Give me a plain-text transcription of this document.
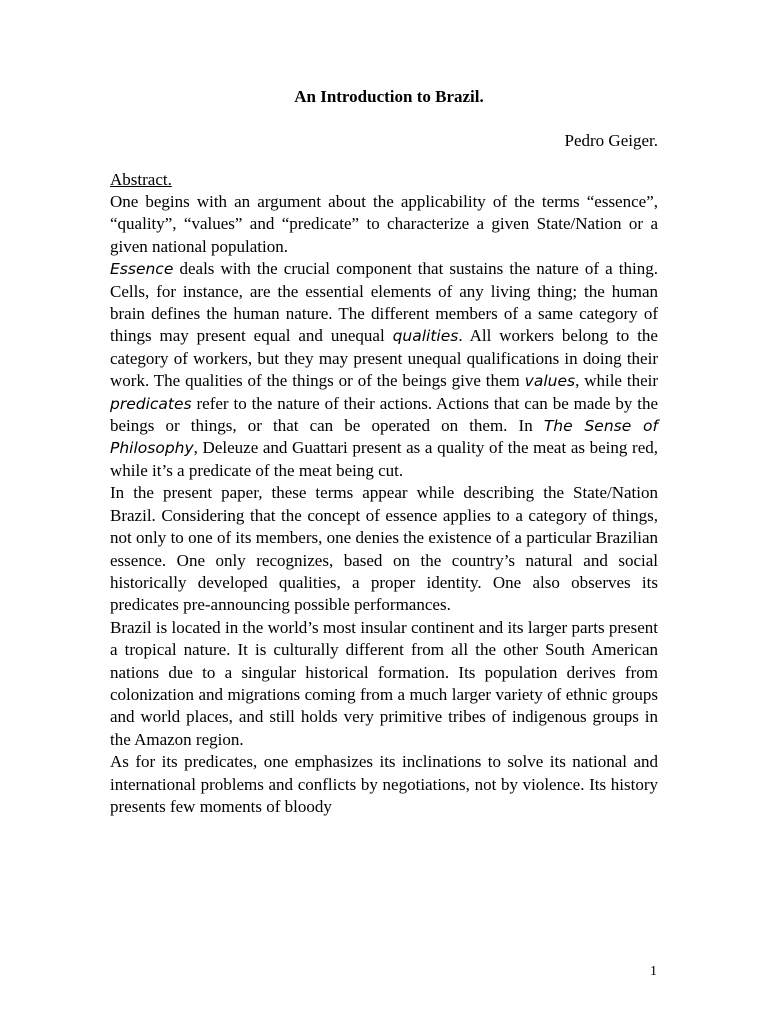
An Introduction to Brazil.

Pedro Geiger.

Abstract.

One begins with an argument about the applicability of the terms “essence”, “quality”, “values” and “predicate” to characterize a given State/Nation or a given national population.

Essence deals with the crucial component that sustains the nature of a thing. Cells, for instance, are the essential elements of any living thing; the human brain defines the human nature. The different members of a same category of things may present equal and unequal qualities. All workers belong to the category of workers, but they may present unequal qualifications in doing their work. The qualities of the things or of the beings give them values, while their predicates refer to the nature of their actions. Actions that can be made by the beings or things, or that can be operated on them. In The Sense of Philosophy, Deleuze and Guattari present as a quality of the meat as being red, while it’s a predicate of the meat being cut.

In the present paper, these terms appear while describing the State/Nation Brazil. Considering that the concept of essence applies to a category of things, not only to one of its members, one denies the existence of a particular Brazilian essence. One only recognizes, based on the country’s natural and social historically developed qualities, a proper identity. One also observes its predicates pre-announcing possible performances.

Brazil is located in the world’s most insular continent and its larger parts present a tropical nature. It is culturally different from all the other South American nations due to a singular historical formation. Its population derives from colonization and migrations coming from a much larger variety of ethnic groups and world places, and still holds very primitive tribes of indigenous groups in the Amazon region.

As for its predicates, one emphasizes its inclinations to solve its national and international problems and conflicts by negotiations, not by violence. Its history presents few moments of bloody

1
